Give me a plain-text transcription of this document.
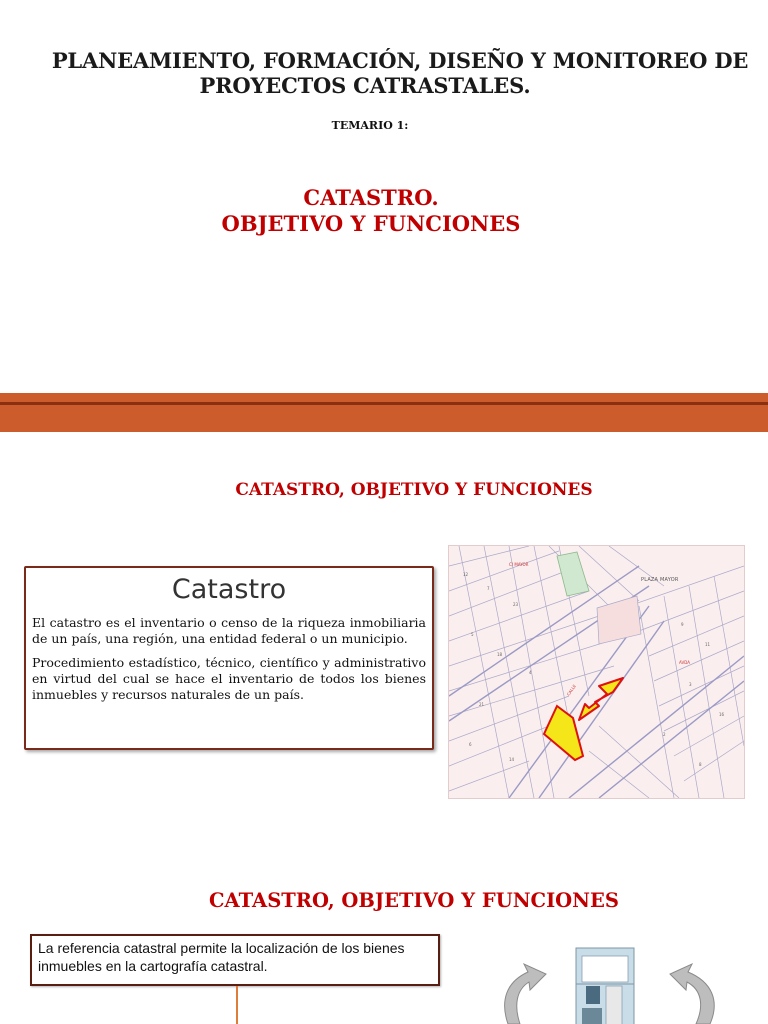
PLANEAMIENTO, FORMACIÓN, DISEÑO Y MONITOREO DE
PROYECTOS CATRASTALES.
TEMARIO 1:
CATASTRO.
OBJETIVO Y FUNCIONES
CATASTRO, OBJETIVO Y FUNCIONES
Catastro

El catastro es el inventario o censo de la riqueza inmobiliaria de un país, una región, una entidad federal o un municipio.

Procedimiento estadístico, técnico, científico y administrativo en virtud del cual se hace el inventario de todos los bienes inmuebles y recursos naturales de un país.

12
7
23
5
18
4
9
11
3
16
2
8
21
6
14
CALLE
AVDA
C/ MAYOR
PLAZA MAYOR
CATASTRO, OBJETIVO Y FUNCIONES

La referencia catastral permite la localización de los bienes inmuebles en la cartografía catastral.
